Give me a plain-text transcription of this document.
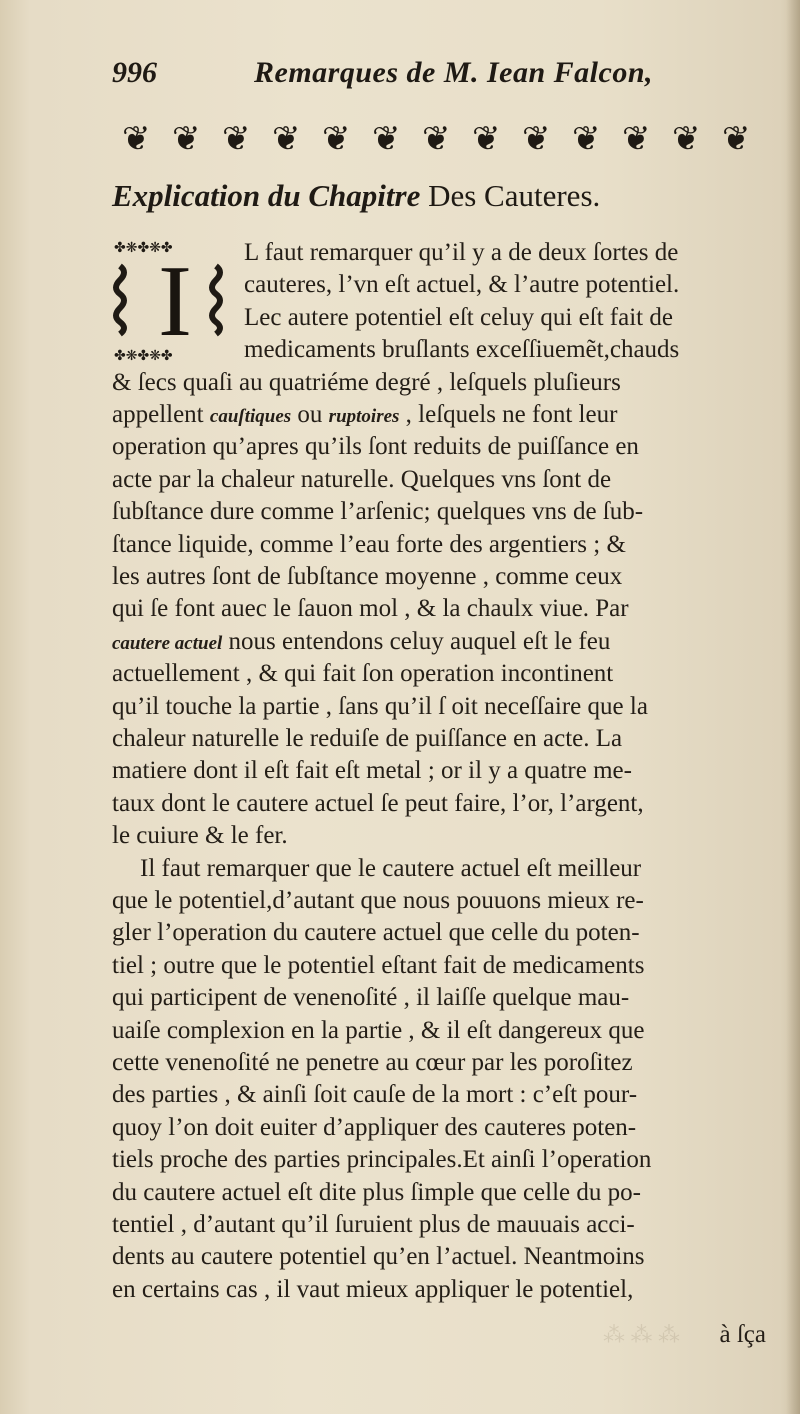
996	Remarques de M. Iean Falcon,
❦ ❦ ❦ ❦ ❦ ❦ ❦ ❦ ❦ ❦ ❦ ❦ ❦
Explication du Chapitre Des Cauteres.
✤❋✤❋✤
✤❋✤❋✤
I	L faut remarquer qu’il y a de deux ſortes de
cauteres, l’vn eſt actuel, & l’autre potentiel.
Lec autere potentiel eſt celuy qui eſt fait de
medicaments bruſlants exceſſiuemẽt,chauds
& ſecs quaſi au quatriéme degré , leſquels pluſieurs
appellent cauſtiques ou ruptoires , leſquels ne font leur
operation qu’apres qu’ils ſont reduits de puiſſance en
acte par la chaleur naturelle. Quelques vns ſont de
ſubſtance dure comme l’arſenic; quelques vns de ſub-
ſtance liquide, comme l’eau forte des argentiers ; &
les autres ſont de ſubſtance moyenne , comme ceux
qui ſe font auec le ſauon mol , & la chaulx viue. Par
cautere actuel nous entendons celuy auquel eſt le feu
actuellement , & qui fait ſon operation incontinent
qu’il touche la partie , ſans qu’il ſ oit neceſſaire que la
chaleur naturelle le reduiſe de puiſſance en acte. La
matiere dont il eſt fait eſt metal ; or il y a quatre me-
taux dont le cautere actuel ſe peut faire, l’or, l’argent,
le cuiure & le fer.
Il faut remarquer que le cautere actuel eſt meilleur
que le potentiel,d’autant que nous pouuons mieux re-
gler l’operation du cautere actuel que celle du poten-
tiel ; outre que le potentiel eſtant fait de medicaments
qui participent de venenoſité , il laiſſe quelque mau-
uaiſe complexion en la partie , & il eſt dangereux que
cette venenoſité ne penetre au cœur par les poroſitez
des parties , & ainſi ſoit cauſe de la mort : c’eſt pour-
quoy l’on doit euiter d’appliquer des cauteres poten-
tiels proche des parties principales.Et ainſi l’operation
du cautere actuel eſt dite plus ſimple que celle du po-
tentiel , d’autant qu’il ſuruient plus de mauuais acci-
dents au cautere potentiel qu’en l’actuel. Neantmoins
en certains cas , il vaut mieux appliquer le potentiel,
⁂ ⁂ ⁂	à ſça
